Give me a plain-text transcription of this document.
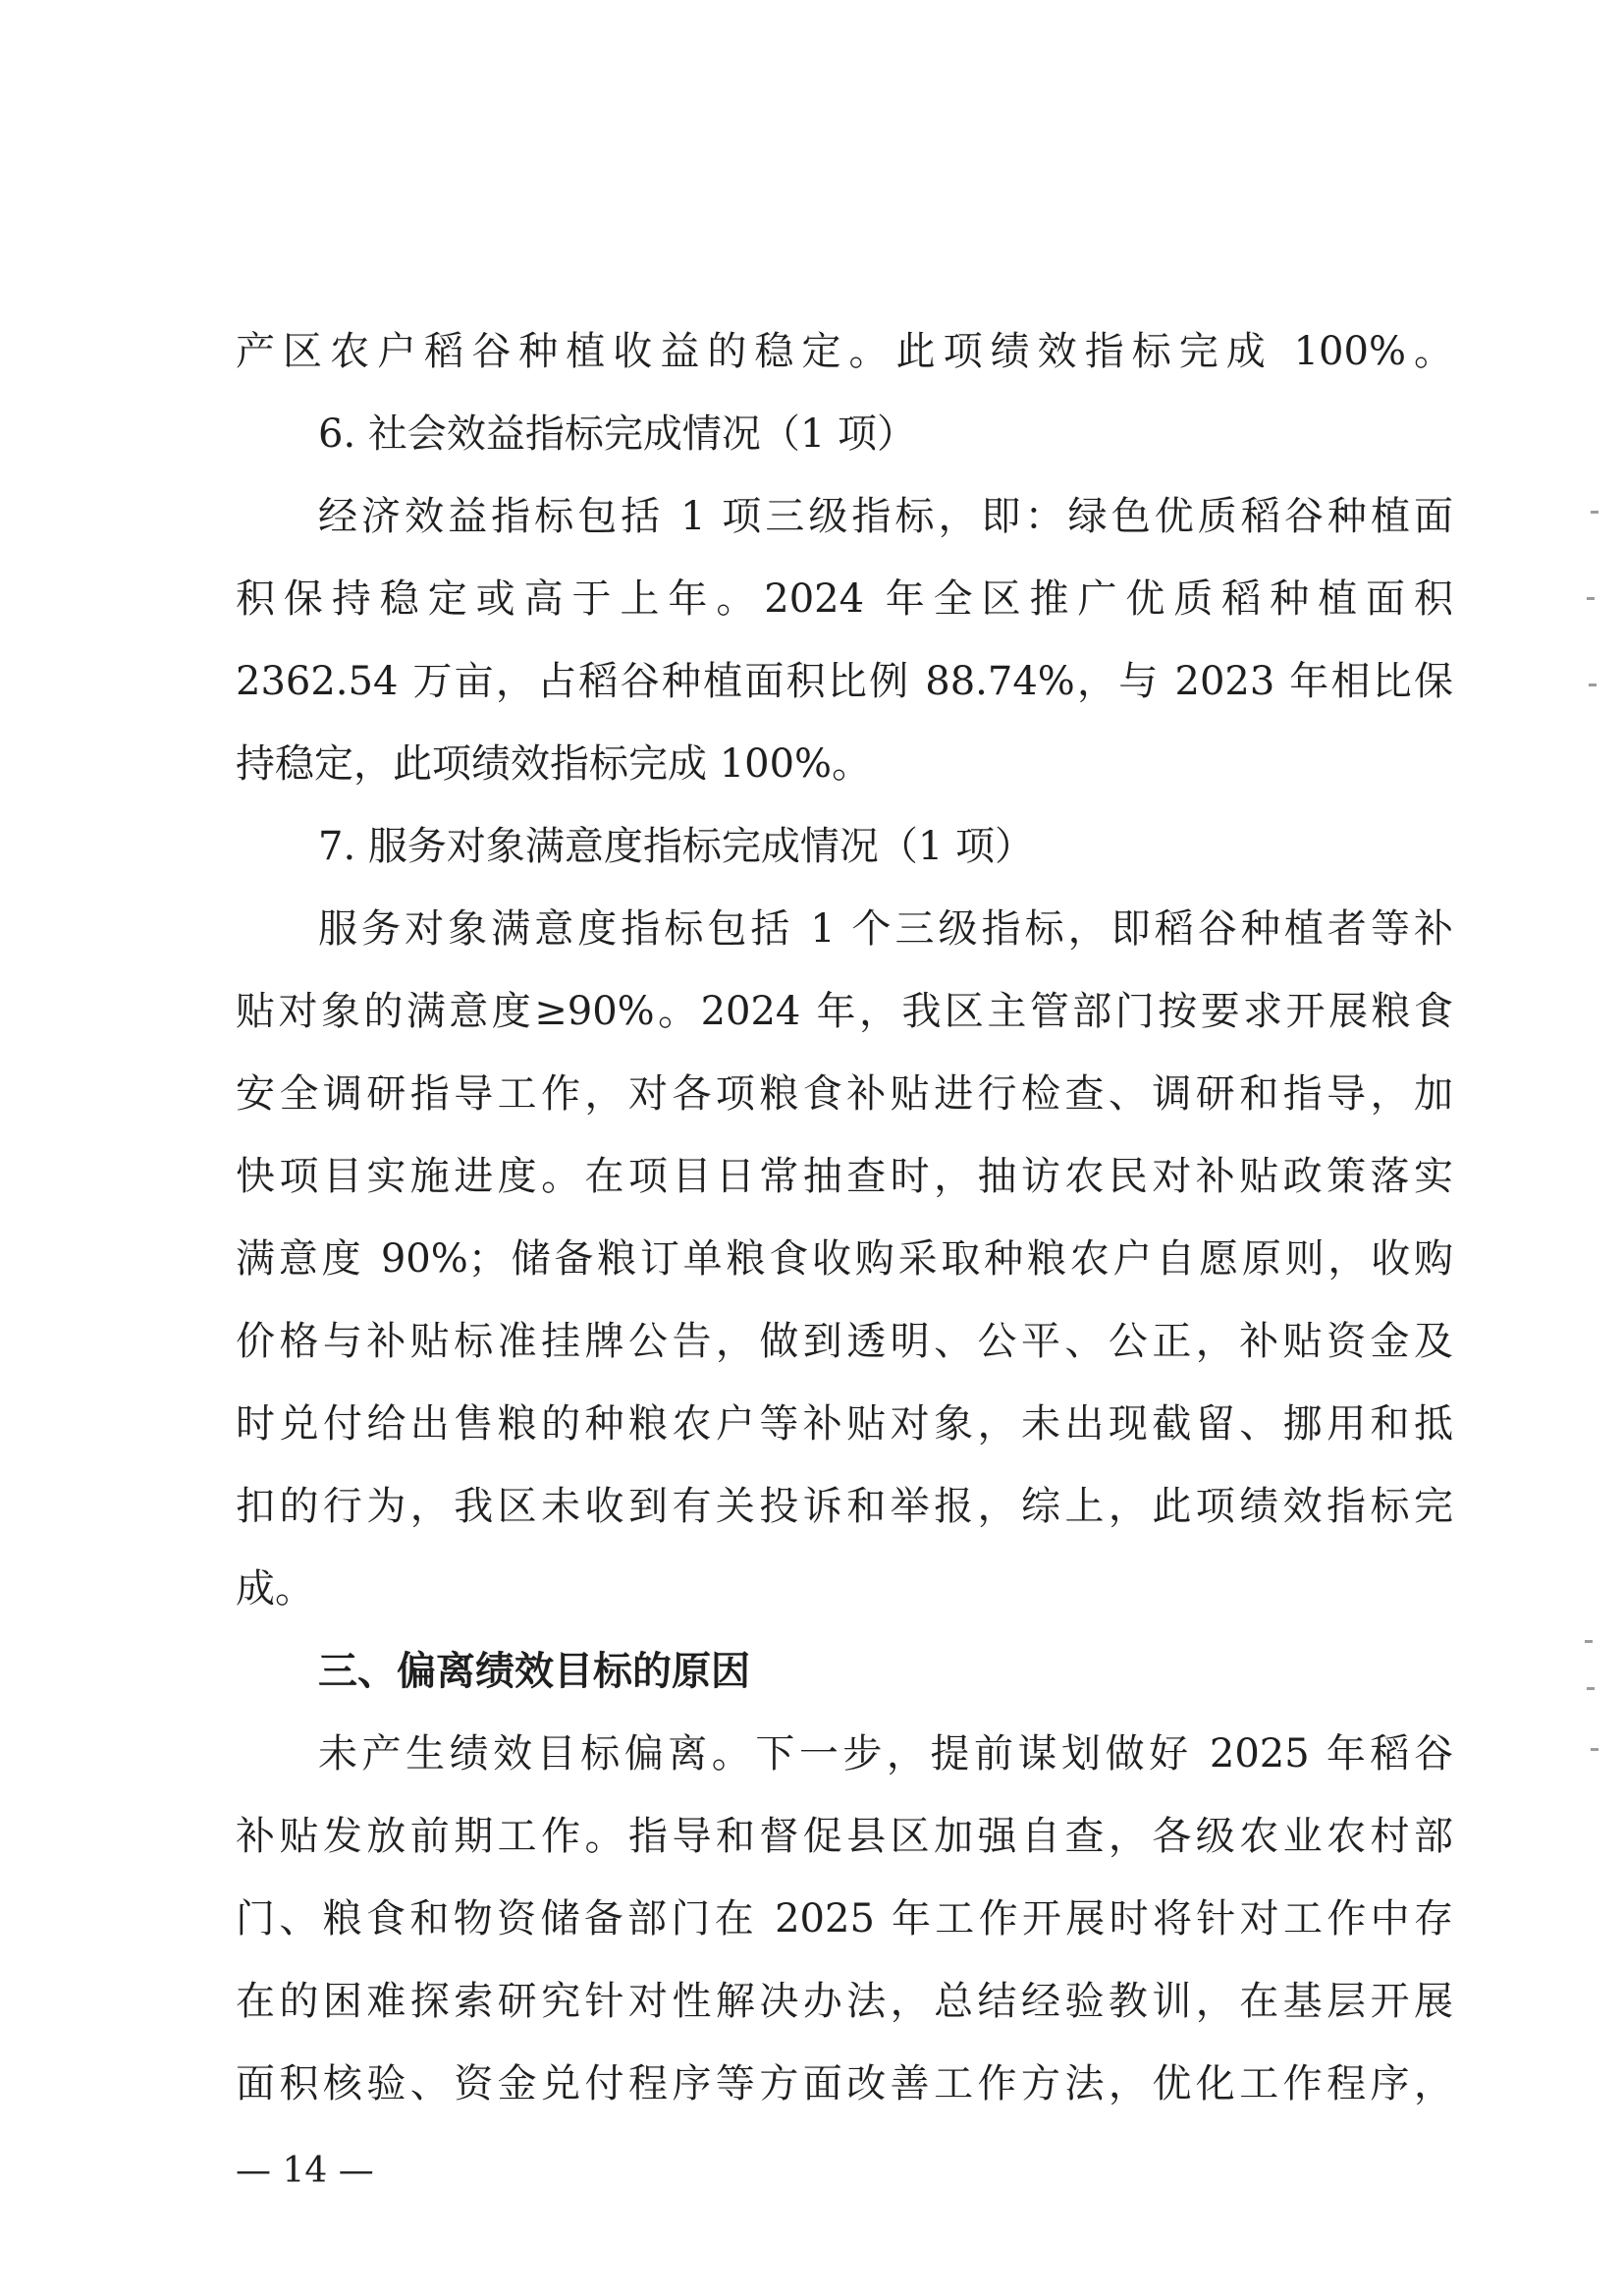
产区农户稻谷种植收益的稳定。此项绩效指标完成 100%。
6. 社会效益指标完成情况（1 项）
经济效益指标包括 1 项三级指标，即：绿色优质稻谷种植面
积保持稳定或高于上年。2024 年全区推广优质稻种植面积
2362.54 万亩，占稻谷种植面积比例 88.74%，与 2023 年相比保
持稳定，此项绩效指标完成 100%。
7. 服务对象满意度指标完成情况（1 项）
服务对象满意度指标包括 1 个三级指标，即稻谷种植者等补
贴对象的满意度≥90%。2024 年，我区主管部门按要求开展粮食
安全调研指导工作，对各项粮食补贴进行检查、调研和指导，加
快项目实施进度。在项目日常抽查时，抽访农民对补贴政策落实
满意度 90%；储备粮订单粮食收购采取种粮农户自愿原则，收购
价格与补贴标准挂牌公告，做到透明、公平、公正，补贴资金及
时兑付给出售粮的种粮农户等补贴对象，未出现截留、挪用和抵
扣的行为，我区未收到有关投诉和举报，综上，此项绩效指标完
成。
三、偏离绩效目标的原因
未产生绩效目标偏离。下一步，提前谋划做好 2025 年稻谷
补贴发放前期工作。指导和督促县区加强自查，各级农业农村部
门、粮食和物资储备部门在 2025 年工作开展时将针对工作中存
在的困难探索研究针对性解决办法，总结经验教训，在基层开展
面积核验、资金兑付程序等方面改善工作方法，优化工作程序，
— 14 —
